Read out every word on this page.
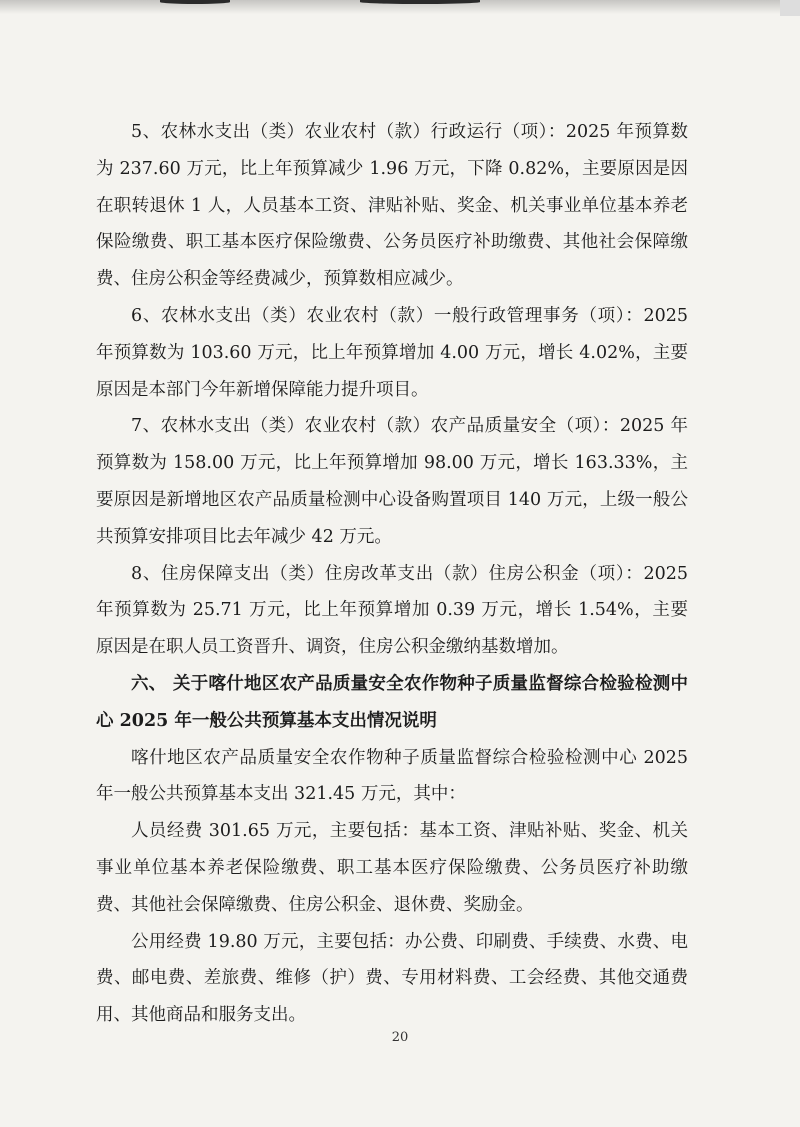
5、农林水支出（类）农业农村（款）行政运行（项）：2025 年预算数为 237.60 万元，比上年预算减少 1.96 万元，下降 0.82%，主要原因是因在职转退休 1 人，人员基本工资、津贴补贴、奖金、机关事业单位基本养老保险缴费、职工基本医疗保险缴费、公务员医疗补助缴费、其他社会保障缴费、住房公积金等经费减少，预算数相应减少。

6、农林水支出（类）农业农村（款）一般行政管理事务（项）：2025 年预算数为 103.60 万元，比上年预算增加 4.00 万元，增长 4.02%，主要原因是本部门今年新增保障能力提升项目。

7、农林水支出（类）农业农村（款）农产品质量安全（项）：2025 年预算数为 158.00 万元，比上年预算增加 98.00 万元，增长 163.33%，主要原因是新增地区农产品质量检测中心设备购置项目 140 万元，上级一般公共预算安排项目比去年减少 42 万元。

8、住房保障支出（类）住房改革支出（款）住房公积金（项）：2025 年预算数为 25.71 万元，比上年预算增加 0.39 万元，增长 1.54%，主要原因是在职人员工资晋升、调资，住房公积金缴纳基数增加。

六、 关于喀什地区农产品质量安全农作物种子质量监督综合检验检测中心 2025 年一般公共预算基本支出情况说明

喀什地区农产品质量安全农作物种子质量监督综合检验检测中心 2025 年一般公共预算基本支出 321.45 万元，其中：

人员经费 301.65 万元，主要包括：基本工资、津贴补贴、奖金、机关事业单位基本养老保险缴费、职工基本医疗保险缴费、公务员医疗补助缴费、其他社会保障缴费、住房公积金、退休费、奖励金。

公用经费 19.80 万元，主要包括：办公费、印刷费、手续费、水费、电费、邮电费、差旅费、维修（护）费、专用材料费、工会经费、其他交通费用、其他商品和服务支出。

20
